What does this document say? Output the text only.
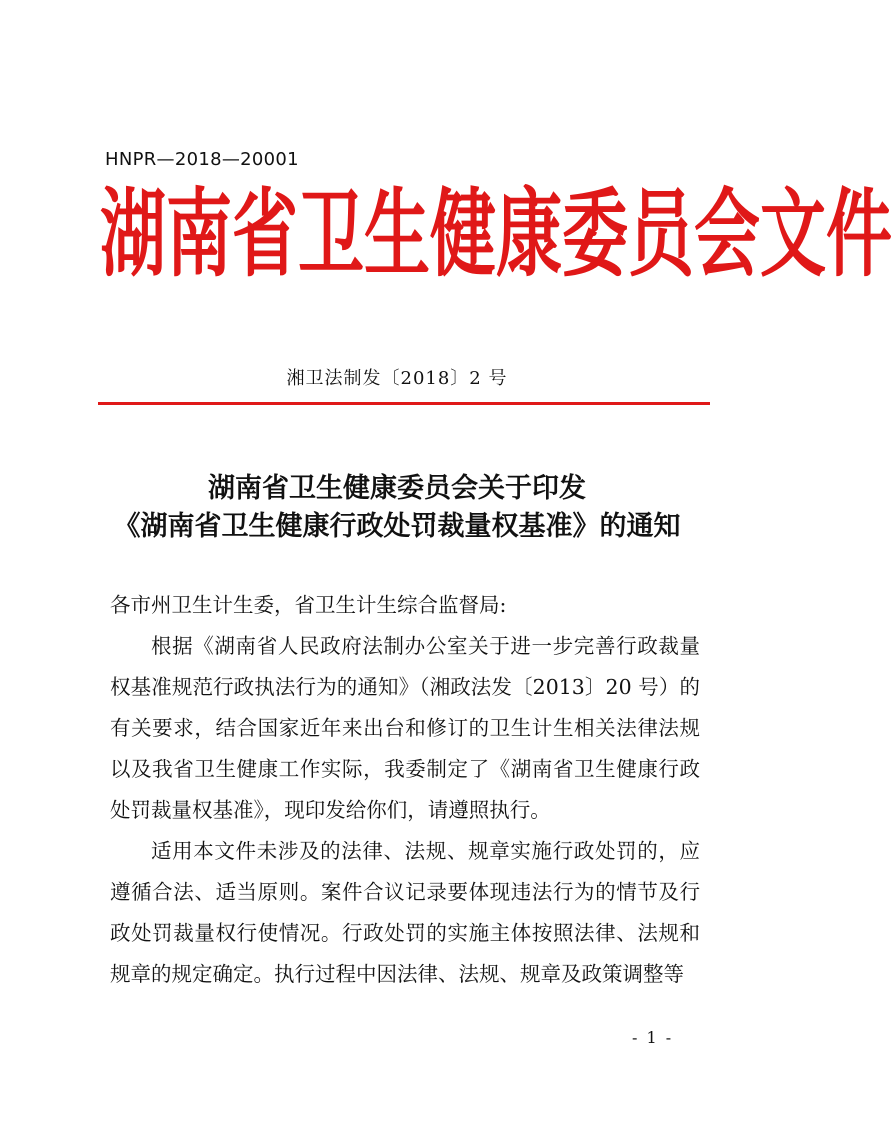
HNPR—2018—20001
湖 南 省 卫 生 健 康 委 员 会 文 件
湘卫法制发〔2018〕2 号
湖南省卫生健康委员会关于印发
《湖南省卫生健康行政处罚裁量权基准》的通知

各市州卫生计生委，省卫生计生综合监督局:

根据《湖南省人民政府法制办公室关于进一步完善行政裁量权基准规范行政执法行为的通知》（湘政法发〔2013〕20 号）的有关要求，结合国家近年来出台和修订的卫生计生相关法律法规以及我省卫生健康工作实际，我委制定了《湖南省卫生健康行政处罚裁量权基准》，现印发给你们，请遵照执行。

适用本文件未涉及的法律、法规、规章实施行政处罚的，应遵循合法、适当原则。案件合议记录要体现违法行为的情节及行政处罚裁量权行使情况。行政处罚的实施主体按照法律、法规和规章的规定确定。执行过程中因法律、法规、规章及政策调整等

- 1 -
